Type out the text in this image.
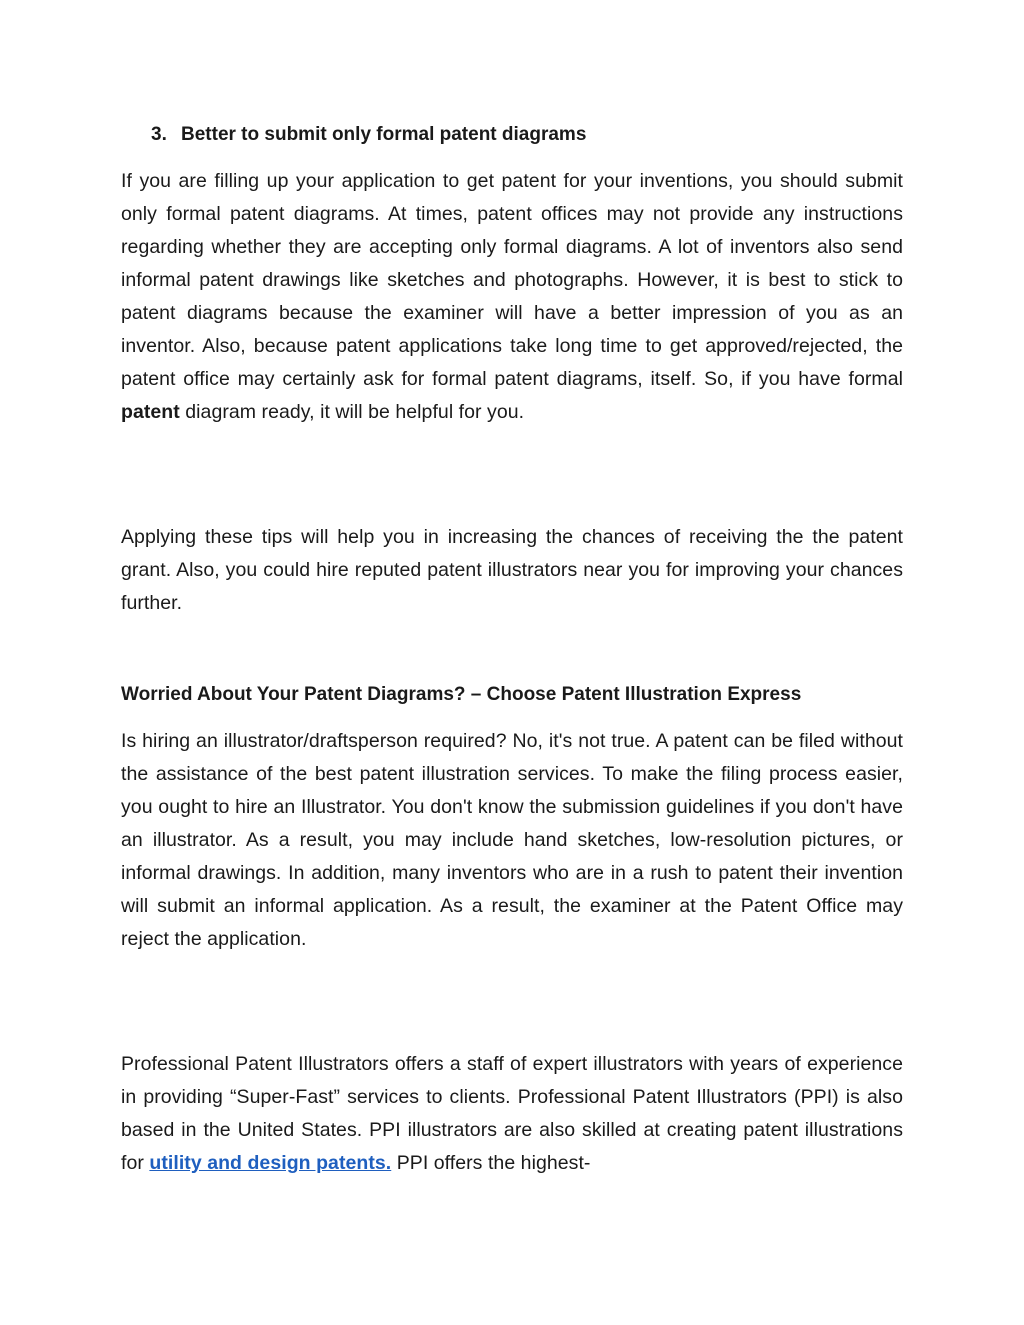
3. Better to submit only formal patent diagrams
If you are filling up your application to get patent for your inventions, you should submit only formal patent diagrams. At times, patent offices may not provide any instructions regarding whether they are accepting only formal diagrams. A lot of inventors also send informal patent drawings like sketches and photographs. However, it is best to stick to patent diagrams because the examiner will have a better impression of you as an inventor. Also, because patent applications take long time to get approved/rejected, the patent office may certainly ask for formal patent diagrams, itself. So, if you have formal patent diagram ready, it will be helpful for you.
Applying these tips will help you in increasing the chances of receiving the the patent grant. Also, you could hire reputed patent illustrators near you for improving your chances further.
Worried About Your Patent Diagrams? – Choose Patent Illustration Express
Is hiring an illustrator/draftsperson required? No, it's not true. A patent can be filed without the assistance of the best patent illustration services. To make the filing process easier, you ought to hire an Illustrator. You don't know the submission guidelines if you don't have an illustrator. As a result, you may include hand sketches, low-resolution pictures, or informal drawings. In addition, many inventors who are in a rush to patent their invention will submit an informal application. As a result, the examiner at the Patent Office may reject the application.
Professional Patent Illustrators offers a staff of expert illustrators with years of experience in providing “Super-Fast” services to clients. Professional Patent Illustrators (PPI) is also based in the United States. PPI illustrators are also skilled at creating patent illustrations for utility and design patents. PPI offers the highest-
